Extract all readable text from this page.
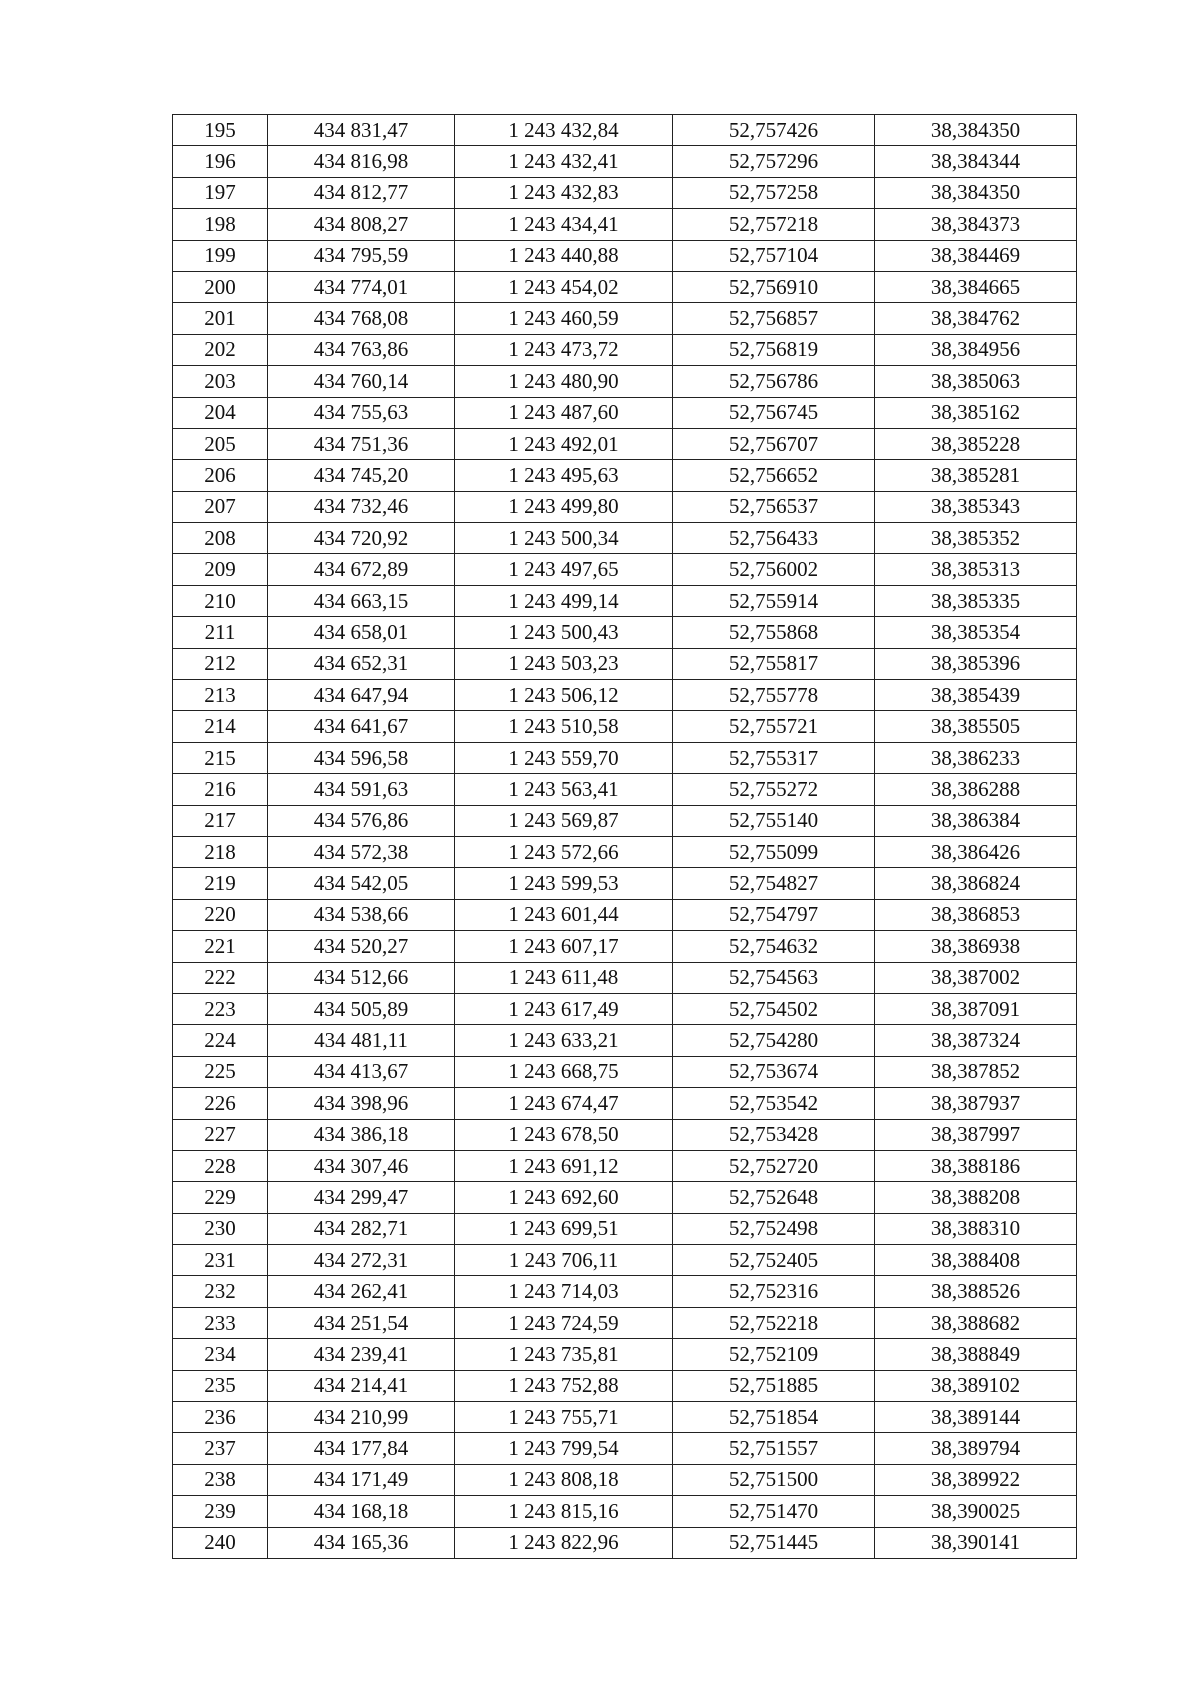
195	434 831,47	1 243 432,84	52,757426	38,384350
196	434 816,98	1 243 432,41	52,757296	38,384344
197	434 812,77	1 243 432,83	52,757258	38,384350
198	434 808,27	1 243 434,41	52,757218	38,384373
199	434 795,59	1 243 440,88	52,757104	38,384469
200	434 774,01	1 243 454,02	52,756910	38,384665
201	434 768,08	1 243 460,59	52,756857	38,384762
202	434 763,86	1 243 473,72	52,756819	38,384956
203	434 760,14	1 243 480,90	52,756786	38,385063
204	434 755,63	1 243 487,60	52,756745	38,385162
205	434 751,36	1 243 492,01	52,756707	38,385228
206	434 745,20	1 243 495,63	52,756652	38,385281
207	434 732,46	1 243 499,80	52,756537	38,385343
208	434 720,92	1 243 500,34	52,756433	38,385352
209	434 672,89	1 243 497,65	52,756002	38,385313
210	434 663,15	1 243 499,14	52,755914	38,385335
211	434 658,01	1 243 500,43	52,755868	38,385354
212	434 652,31	1 243 503,23	52,755817	38,385396
213	434 647,94	1 243 506,12	52,755778	38,385439
214	434 641,67	1 243 510,58	52,755721	38,385505
215	434 596,58	1 243 559,70	52,755317	38,386233
216	434 591,63	1 243 563,41	52,755272	38,386288
217	434 576,86	1 243 569,87	52,755140	38,386384
218	434 572,38	1 243 572,66	52,755099	38,386426
219	434 542,05	1 243 599,53	52,754827	38,386824
220	434 538,66	1 243 601,44	52,754797	38,386853
221	434 520,27	1 243 607,17	52,754632	38,386938
222	434 512,66	1 243 611,48	52,754563	38,387002
223	434 505,89	1 243 617,49	52,754502	38,387091
224	434 481,11	1 243 633,21	52,754280	38,387324
225	434 413,67	1 243 668,75	52,753674	38,387852
226	434 398,96	1 243 674,47	52,753542	38,387937
227	434 386,18	1 243 678,50	52,753428	38,387997
228	434 307,46	1 243 691,12	52,752720	38,388186
229	434 299,47	1 243 692,60	52,752648	38,388208
230	434 282,71	1 243 699,51	52,752498	38,388310
231	434 272,31	1 243 706,11	52,752405	38,388408
232	434 262,41	1 243 714,03	52,752316	38,388526
233	434 251,54	1 243 724,59	52,752218	38,388682
234	434 239,41	1 243 735,81	52,752109	38,388849
235	434 214,41	1 243 752,88	52,751885	38,389102
236	434 210,99	1 243 755,71	52,751854	38,389144
237	434 177,84	1 243 799,54	52,751557	38,389794
238	434 171,49	1 243 808,18	52,751500	38,389922
239	434 168,18	1 243 815,16	52,751470	38,390025
240	434 165,36	1 243 822,96	52,751445	38,390141
